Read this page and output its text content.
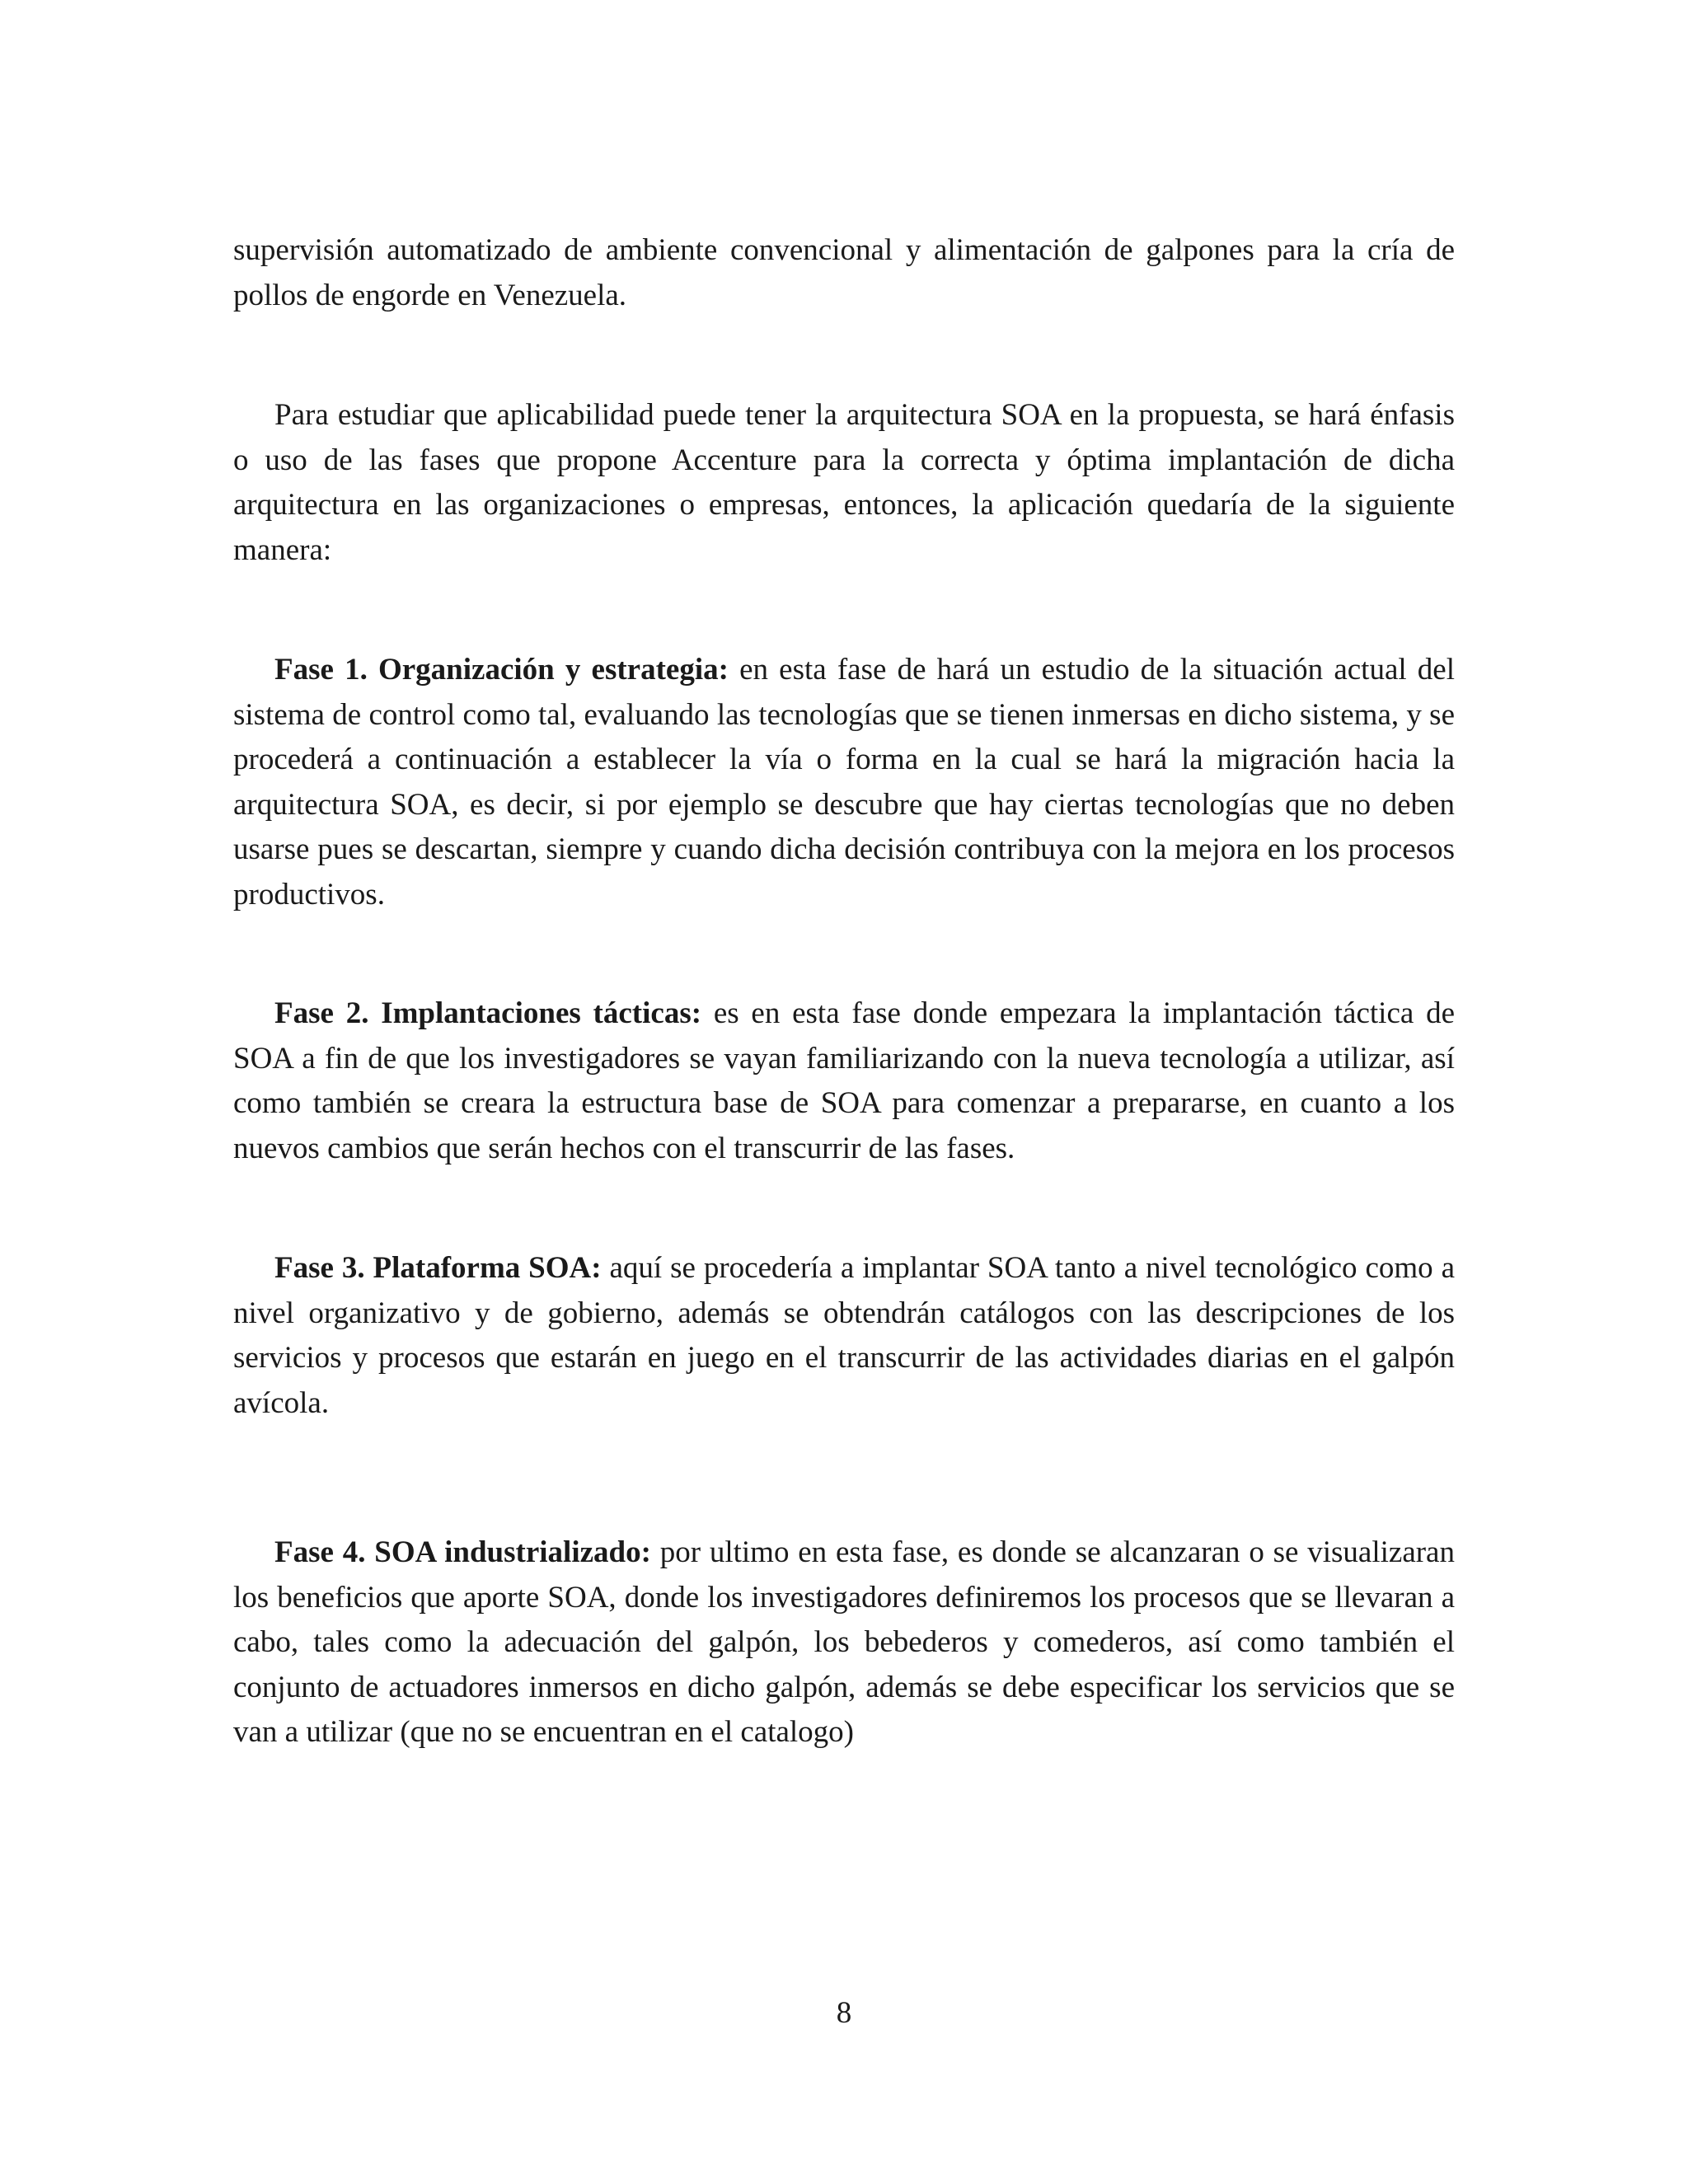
supervisión automatizado de ambiente convencional y alimentación de galpones para la cría de pollos de engorde en Venezuela.

Para estudiar que aplicabilidad puede tener la arquitectura SOA en la propuesta, se hará énfasis o uso de las fases que propone Accenture para la correcta y óptima implantación de dicha arquitectura en las organizaciones o empresas, entonces, la aplicación quedaría de la siguiente manera:

Fase 1. Organización y estrategia: en esta fase de hará un estudio de la situación actual del sistema de control como tal, evaluando las tecnologías que se tienen inmersas en dicho sistema, y se procederá a continuación a establecer la vía o forma en la cual se hará la migración hacia la arquitectura SOA, es decir, si por ejemplo se descubre que hay ciertas tecnologías que no deben usarse pues se descartan, siempre y cuando dicha decisión contribuya con la mejora en los procesos productivos.

Fase 2. Implantaciones tácticas: es en esta fase donde empezara la implantación táctica de SOA a fin de que los investigadores se vayan familiarizando con la nueva tecnología a utilizar, así como también se creara la estructura base de SOA para comenzar a prepararse, en cuanto a los nuevos cambios que serán hechos con el transcurrir de las fases.

Fase 3. Plataforma SOA: aquí se procedería a implantar SOA tanto a nivel tecnológico como a nivel organizativo y de gobierno, además se obtendrán catálogos con las descripciones de los servicios y procesos que estarán en juego en el transcurrir de las actividades diarias en el galpón avícola.

Fase 4. SOA industrializado: por ultimo en esta fase, es donde se alcanzaran o se visualizaran los beneficios que aporte SOA, donde los investigadores definiremos los procesos que se llevaran a cabo, tales como la adecuación del galpón, los bebederos y comederos, así como también el conjunto de actuadores inmersos en dicho galpón, además se debe especificar los servicios que se van a utilizar (que no se encuentran en el catalogo)

8
